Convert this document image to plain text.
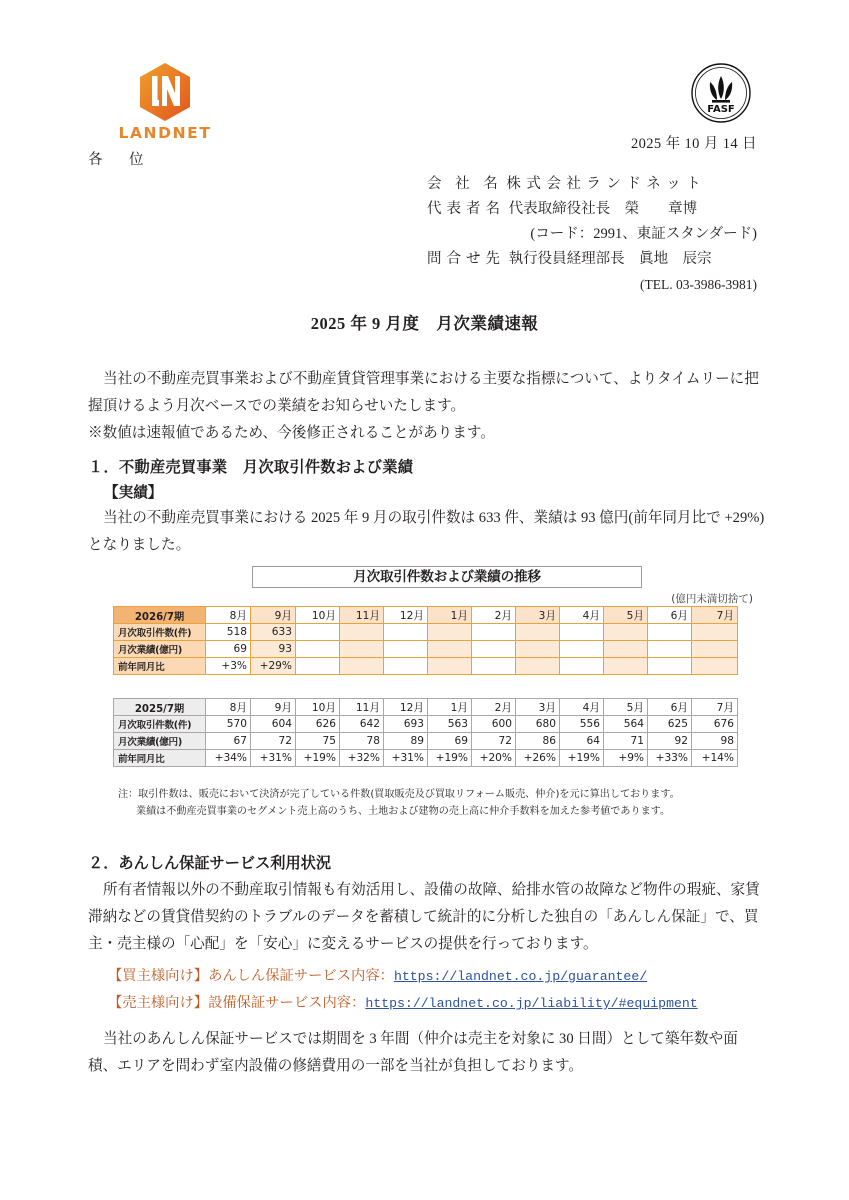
LANDNET
各　位
FASF
2025 年 10 月 14 日
会 社 名 株式会社ランドネット
代表者名 代表取締役社長　榮　　章博
(コード：2991、東証スタンダード)
問合せ先 執行役員経理部長　眞地　辰宗
(TEL. 03-3986-3981)
2025 年 9 月度　月次業績速報
当社の不動産売買事業および不動産賃貸管理事業における主要な指標について、よりタイムリーに把握頂けるよう月次ベースでの業績をお知らせいたします。
※数値は速報値であるため、今後修正されることがあります。
１．不動産売買事業　月次取引件数および業績
【実績】
当社の不動産売買事業における 2025 年 9 月の取引件数は 633 件、業績は 93 億円(前年同月比で +29%) となりました。
月次取引件数および業績の推移
(億円未満切捨て)
2026/7期	8月	9月	10月	11月	12月	1月	2月	3月	4月	5月	6月	7月
月次取引件数(件)	518	633										
月次業績(億円)	69	93										
前年同月比	+3%	+29%										
2025/7期	8月	9月	10月	11月	12月	1月	2月	3月	4月	5月	6月	7月
月次取引件数(件)	570	604	626	642	693	563	600	680	556	564	625	676
月次業績(億円)	67	72	75	78	89	69	72	86	64	71	92	98
前年同月比	+34%	+31%	+19%	+32%	+31%	+19%	+20%	+26%	+19%	+9%	+33%	+14%
注：取引件数は、販売において決済が完了している件数(買取販売及び買取リフォーム販売、仲介)を元に算出しております。
業績は不動産売買事業のセグメント売上高のうち、土地および建物の売上高に仲介手数料を加えた参考値であります。
２．あんしん保証サービス利用状況
所有者情報以外の不動産取引情報も有効活用し、設備の故障、給排水管の故障など物件の瑕疵、家賃滞納などの賃貸借契約のトラブルのデータを蓄積して統計的に分析した独自の「あんしん保証」で、買主・売主様の「心配」を「安心」に変えるサービスの提供を行っております。
【買主様向け】あんしん保証サービス内容：https://landnet.co.jp/guarantee/
【売主様向け】設備保証サービス内容：https://landnet.co.jp/liability/#equipment
当社のあんしん保証サービスでは期間を 3 年間（仲介は売主を対象に 30 日間）として築年数や面積、エリアを問わず室内設備の修繕費用の一部を当社が負担しております。
